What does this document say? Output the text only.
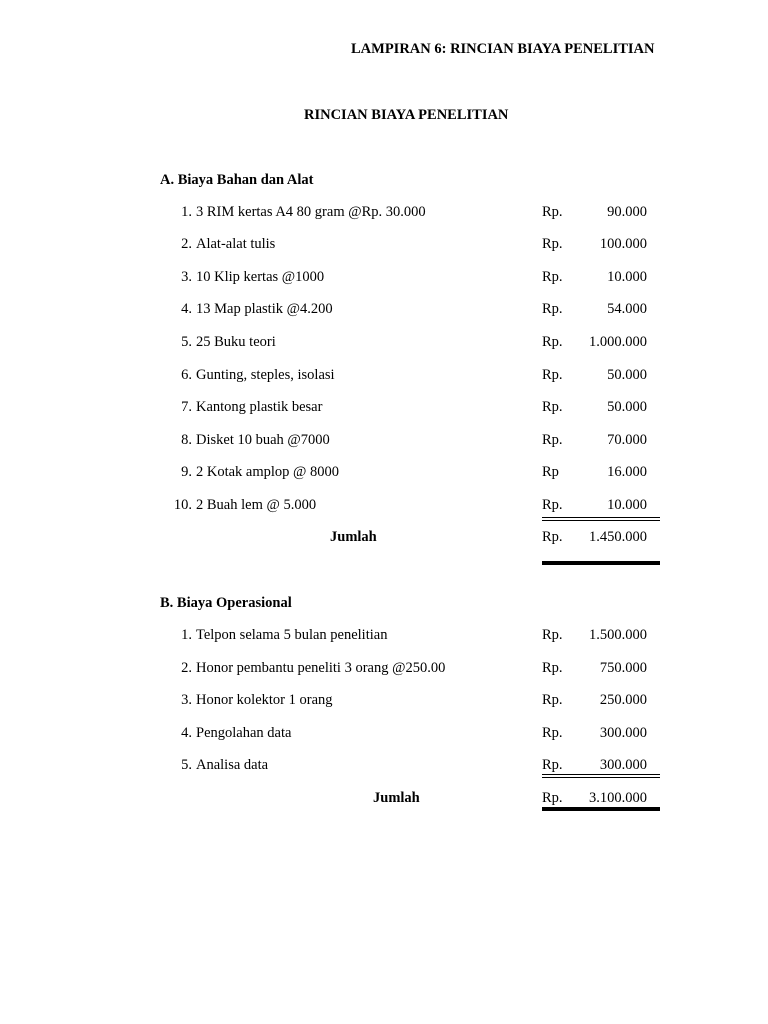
LAMPIRAN 6: RINCIAN BIAYA PENELITIAN
RINCIAN BIAYA PENELITIAN
A. Biaya Bahan dan Alat
1. 3 RIM kertas A4 80 gram @Rp. 30.000	Rp.	90.000
2. Alat-alat tulis	Rp.	100.000
3. 10 Klip kertas @1000	Rp.	10.000
4. 13 Map plastik @4.200	Rp.	54.000
5. 25 Buku teori	Rp.	1.000.000
6. Gunting, steples, isolasi	Rp.	50.000
7. Kantong plastik besar	Rp.	50.000
8. Disket 10 buah @7000	Rp.	70.000
9. 2 Kotak amplop @ 8000	Rp	16.000
10. 2 Buah lem @ 5.000	Rp.	10.000
Jumlah	Rp.	1.450.000
B. Biaya Operasional
1. Telpon selama 5 bulan penelitian	Rp.	1.500.000
2. Honor pembantu peneliti 3 orang @250.00	Rp.	750.000
3. Honor kolektor 1 orang	Rp.	250.000
4. Pengolahan data	Rp.	300.000
5. Analisa data	Rp.	300.000
Jumlah	Rp.	3.100.000
